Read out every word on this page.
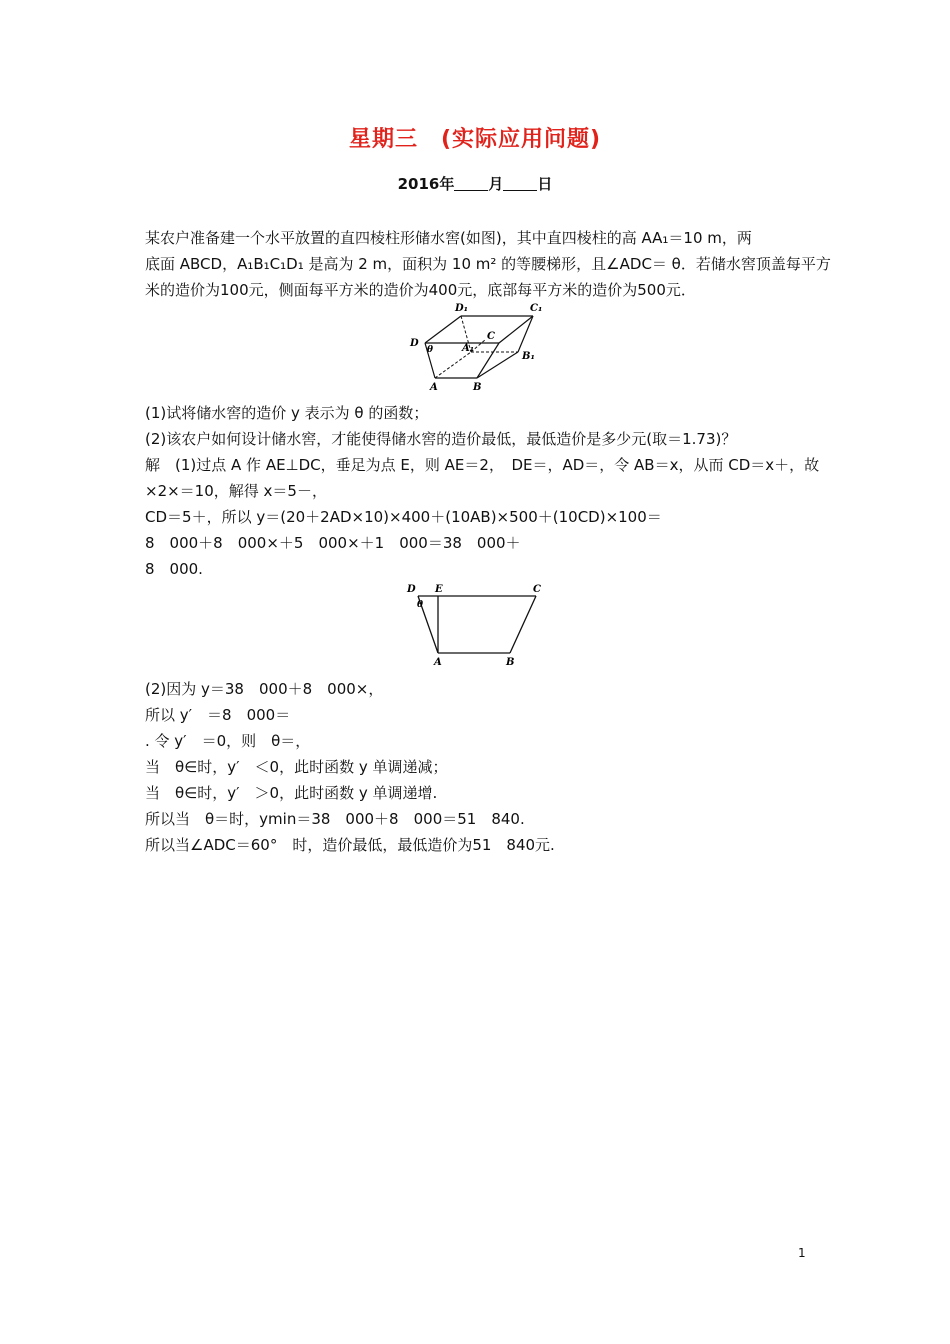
星期三　(实际应用问题)
2016年 月 日
某农户准备建一个水平放置的直四棱柱形储水窖(如图)，其中直四棱柱的高 AA₁＝10 m，两
底面 ABCD，A₁B₁C₁D₁ 是高为 2 m，面积为 10 m² 的等腰梯形，且∠ADC＝ θ．若储水窖顶盖每平方
米的造价为100元，侧面每平方米的造价为400元，底部每平方米的造价为500元．
D₁	C₁
C
D
θ	A₁
B₁
A	B
(1)试将储水窖的造价 y 表示为 θ 的函数；
(2)该农户如何设计储水窖，才能使得储水窖的造价最低，最低造价是多少元(取＝1.73)？
解　(1)过点 A 作 AE⊥DC，垂足为点 E，则 AE＝2，　DE＝，AD＝，令 AB＝x，从而 CD＝x＋，故
×2×＝10，解得 x＝5－，
CD＝5＋，所以 y＝(20＋2AD×10)×400＋(10AB)×500＋(10CD)×100＝
8　000＋8　000×＋5　000×＋1　000＝38　000＋
8　000.
D E	C
θ
A	B
(2)因为 y＝38　000＋8　000×，
所以 y′　＝8　000＝
. 令 y′　＝0，则　θ＝，
当　θ∈时，y′　＜0，此时函数 y 单调递减；
当　θ∈时，y′　＞0，此时函数 y 单调递增.
所以当　θ＝时，ymin＝38　000＋8　000＝51　840.
所以当∠ADC＝60°　时，造价最低，最低造价为51　840元.
1
